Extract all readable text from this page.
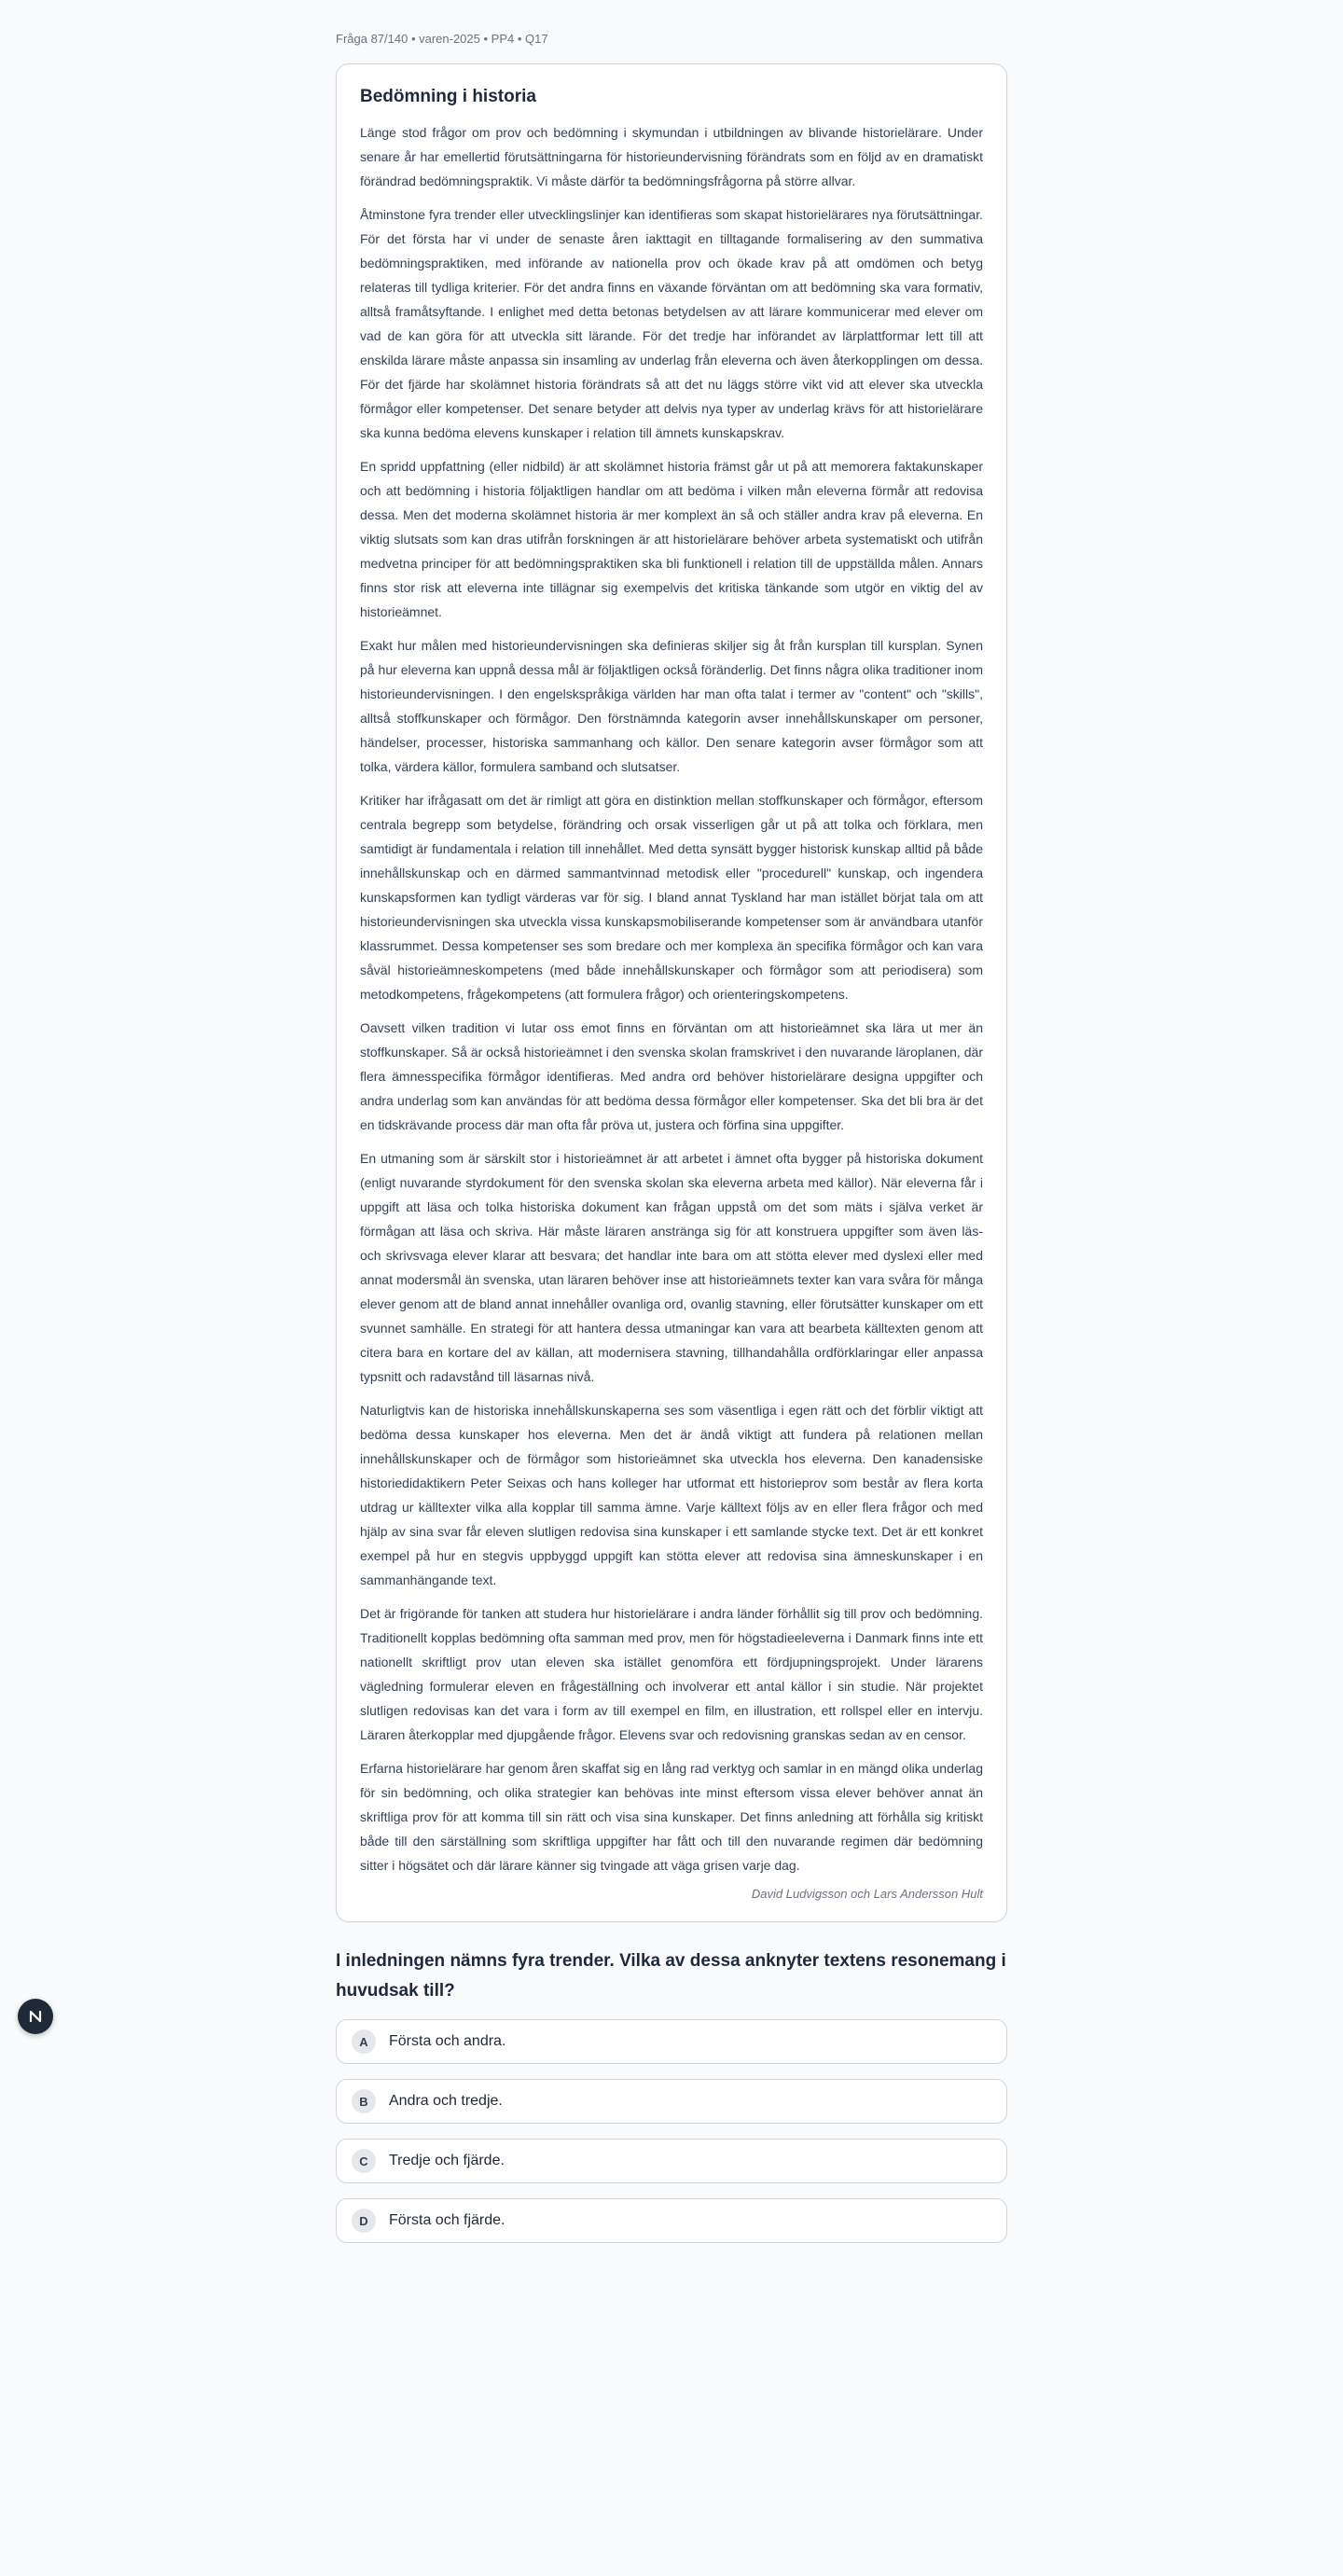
Fråga 87/140 • varen-2025 • PP4 • Q17
Bedömning i historia

Länge stod frågor om prov och bedömning i skymundan i utbildningen av blivande historielärare. Under senare år har emellertid förutsättningarna för historieundervisning förändrats som en följd av en dramatiskt förändrad bedömningspraktik. Vi måste därför ta bedömningsfrågorna på större allvar.

Åtminstone fyra trender eller utvecklingslinjer kan identifieras som skapat historielärares nya förutsättningar. För det första har vi under de senaste åren iakttagit en tilltagande formalisering av den summativa bedömningspraktiken, med införande av nationella prov och ökade krav på att omdömen och betyg relateras till tydliga kriterier. För det andra finns en växande förväntan om att bedömning ska vara formativ, alltså framåtsyftande. I enlighet med detta betonas betydelsen av att lärare kommunicerar med elever om vad de kan göra för att utveckla sitt lärande. För det tredje har införandet av lärplattformar lett till att enskilda lärare måste anpassa sin insamling av underlag från eleverna och även återkopplingen om dessa. För det fjärde har skolämnet historia förändrats så att det nu läggs större vikt vid att elever ska utveckla förmågor eller kompetenser. Det senare betyder att delvis nya typer av underlag krävs för att historielärare ska kunna bedöma elevens kunskaper i relation till ämnets kunskapskrav.

En spridd uppfattning (eller nidbild) är att skolämnet historia främst går ut på att memorera faktakunskaper och att bedömning i historia följaktligen handlar om att bedöma i vilken mån eleverna förmår att redovisa dessa. Men det moderna skolämnet historia är mer komplext än så och ställer andra krav på eleverna. En viktig slutsats som kan dras utifrån forskningen är att historielärare behöver arbeta systematiskt och utifrån medvetna principer för att bedömningspraktiken ska bli funktionell i relation till de uppställda målen. Annars finns stor risk att eleverna inte tillägnar sig exempelvis det kritiska tänkande som utgör en viktig del av historieämnet.

Exakt hur målen med historieundervisningen ska definieras skiljer sig åt från kursplan till kursplan. Synen på hur eleverna kan uppnå dessa mål är följaktligen också föränderlig. Det finns några olika traditioner inom historieundervisningen. I den engelskspråkiga världen har man ofta talat i termer av "content" och "skills", alltså stoffkunskaper och förmågor. Den förstnämnda kategorin avser innehållskunskaper om personer, händelser, processer, historiska sammanhang och källor. Den senare kategorin avser förmågor som att tolka, värdera källor, formulera samband och slutsatser.

Kritiker har ifrågasatt om det är rimligt att göra en distinktion mellan stoffkunskaper och förmågor, eftersom centrala begrepp som betydelse, förändring och orsak visserligen går ut på att tolka och förklara, men samtidigt är fundamentala i relation till innehållet. Med detta synsätt bygger historisk kunskap alltid på både innehållskunskap och en därmed sammantvinnad metodisk eller "procedurell" kunskap, och ingendera kunskapsformen kan tydligt värderas var för sig. I bland annat Tyskland har man istället börjat tala om att historieundervisningen ska utveckla vissa kunskapsmobiliserande kompetenser som är användbara utanför klassrummet. Dessa kompetenser ses som bredare och mer komplexa än specifika förmågor och kan vara såväl historieämneskompetens (med både innehållskunskaper och förmågor som att periodisera) som metodkompetens, frågekompetens (att formulera frågor) och orienteringskompetens.

Oavsett vilken tradition vi lutar oss emot finns en förväntan om att historieämnet ska lära ut mer än stoffkunskaper. Så är också historieämnet i den svenska skolan framskrivet i den nuvarande läroplanen, där flera ämnesspecifika förmågor identifieras. Med andra ord behöver historielärare designa uppgifter och andra underlag som kan användas för att bedöma dessa förmågor eller kompetenser. Ska det bli bra är det en tidskrävande process där man ofta får pröva ut, justera och förfina sina uppgifter.

En utmaning som är särskilt stor i historieämnet är att arbetet i ämnet ofta bygger på historiska dokument (enligt nuvarande styrdokument för den svenska skolan ska eleverna arbeta med källor). När eleverna får i uppgift att läsa och tolka historiska dokument kan frågan uppstå om det som mäts i själva verket är förmågan att läsa och skriva. Här måste läraren anstränga sig för att konstruera uppgifter som även läs- och skrivsvaga elever klarar att besvara; det handlar inte bara om att stötta elever med dyslexi eller med annat modersmål än svenska, utan läraren behöver inse att historieämnets texter kan vara svåra för många elever genom att de bland annat innehåller ovanliga ord, ovanlig stavning, eller förutsätter kunskaper om ett svunnet samhälle. En strategi för att hantera dessa utmaningar kan vara att bearbeta källtexten genom att citera bara en kortare del av källan, att modernisera stavning, tillhandahålla ordförklaringar eller anpassa typsnitt och radavstånd till läsarnas nivå.

Naturligtvis kan de historiska innehållskunskaperna ses som väsentliga i egen rätt och det förblir viktigt att bedöma dessa kunskaper hos eleverna. Men det är ändå viktigt att fundera på relationen mellan innehållskunskaper och de förmågor som historieämnet ska utveckla hos eleverna. Den kanadensiske historiedidaktikern Peter Seixas och hans kolleger har utformat ett historieprov som består av flera korta utdrag ur källtexter vilka alla kopplar till samma ämne. Varje källtext följs av en eller flera frågor och med hjälp av sina svar får eleven slutligen redovisa sina kunskaper i ett samlande stycke text. Det är ett konkret exempel på hur en stegvis uppbyggd uppgift kan stötta elever att redovisa sina ämneskunskaper i en sammanhängande text.

Det är frigörande för tanken att studera hur historielärare i andra länder förhållit sig till prov och bedömning. Traditionellt kopplas bedömning ofta samman med prov, men för högstadieeleverna i Danmark finns inte ett nationellt skriftligt prov utan eleven ska istället genomföra ett fördjupningsprojekt. Under lärarens vägledning formulerar eleven en frågeställning och involverar ett antal källor i sin studie. När projektet slutligen redovisas kan det vara i form av till exempel en film, en illustration, ett rollspel eller en intervju. Läraren återkopplar med djupgående frågor. Elevens svar och redovisning granskas sedan av en censor.

Erfarna historielärare har genom åren skaffat sig en lång rad verktyg och samlar in en mängd olika underlag för sin bedömning, och olika strategier kan behövas inte minst eftersom vissa elever behöver annat än skriftliga prov för att komma till sin rätt och visa sina kunskaper. Det finns anledning att förhålla sig kritiskt både till den särställning som skriftliga uppgifter har fått och till den nuvarande regimen där bedömning sitter i högsätet och där lärare känner sig tvingade att väga grisen varje dag.

David Ludvigsson och Lars Andersson Hult
I inledningen nämns fyra trender. Vilka av dessa anknyter textens resonemang i huvudsak till?
A	Första och andra.
B	Andra och tredje.
C	Tredje och fjärde.
D	Första och fjärde.
